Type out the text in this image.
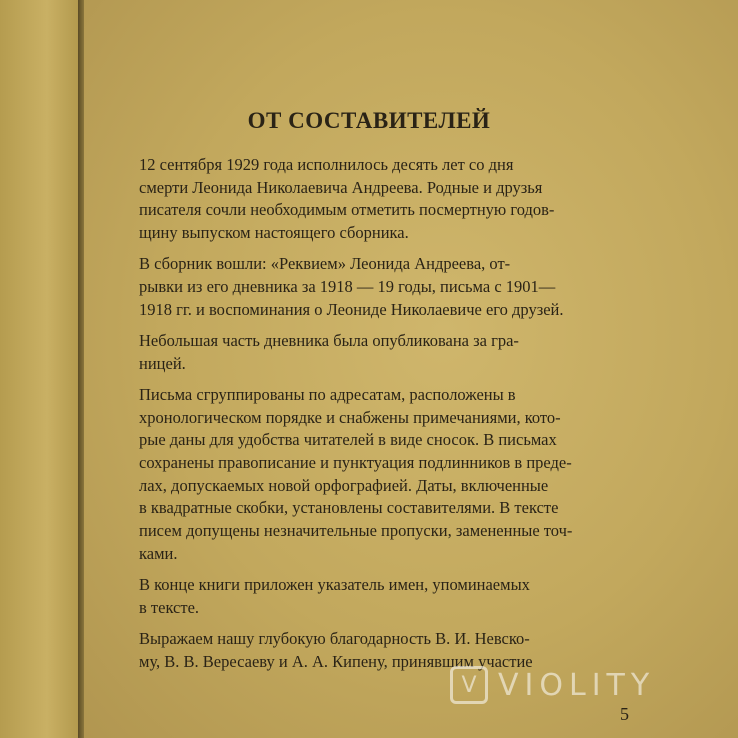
ОТ СОСТАВИТЕЛЕЙ

12 сентября 1929 года исполнилось десять лет со дня
смерти Леонида Николаевича Андреева. Родные и друзья
писателя сочли необходимым отметить посмертную годов-
щину выпуском настоящего сборника.

В сборник вошли: «Реквием» Леонида Андреева, от-
рывки из его дневника за 1918 — 19 годы, письма с 1901—
1918 гг. и воспоминания о Леониде Николаевиче его друзей.

Небольшая часть дневника была опубликована за гра-
ницей.

Письма сгруппированы по адресатам, расположены в
хронологическом порядке и снабжены примечаниями, кото-
рые даны для удобства читателей в виде сносок. В письмах
сохранены правописание и пунктуация подлинников в преде-
лах, допускаемых новой орфографией. Даты, включенные
в квадратные скобки, установлены составителями. В тексте
писем допущены незначительные пропуски, замененные точ-
ками.

В конце книги приложен указатель имен, упоминаемых
в тексте.

Выражаем нашу глубокую благодарность В. И. Невско-
му, В. В. Вересаеву и А. А. Кипену, принявшим участие

5
V VIOLITY
